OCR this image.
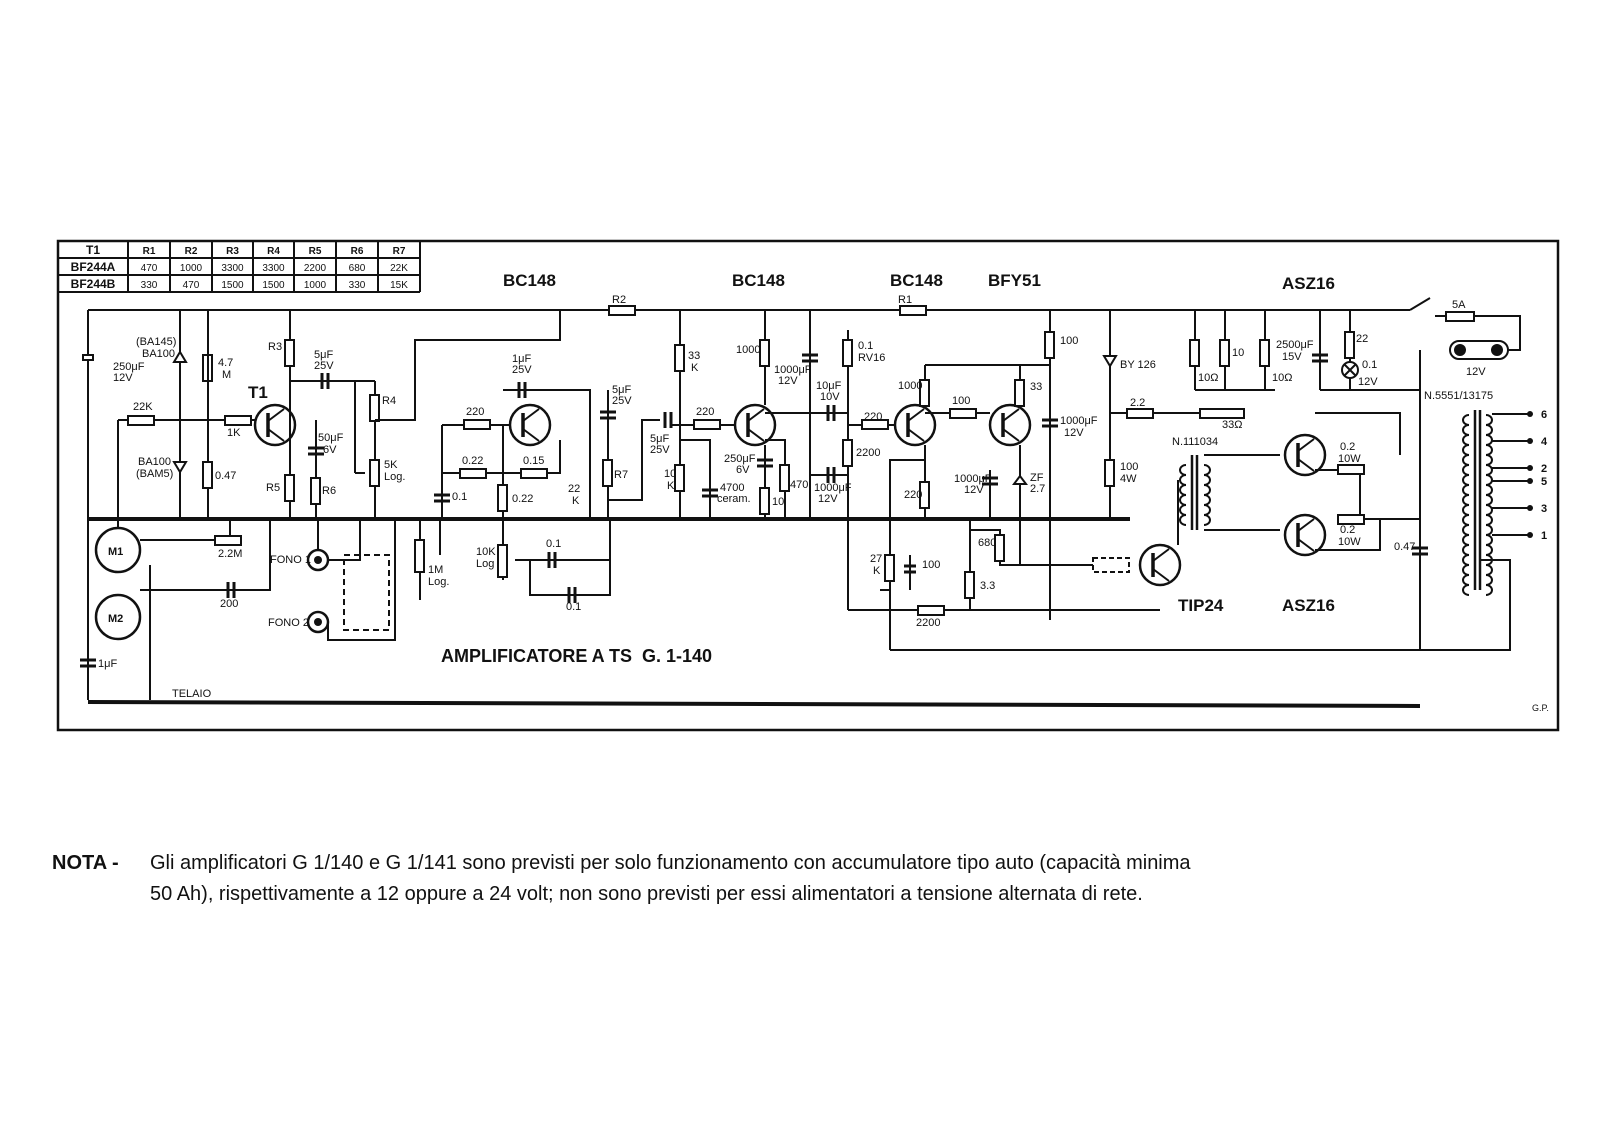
T1	R1	R2	R3	R4	R5	R6	R7
BF244A	470 1000 3300 3300 2200 680 22K
BF244B	330	470 1500 1500 1000 330 15K
250μF
12V
(BA145)
BA100
4.7
M
22K
1K
BA100
(BAM5)	0.47
R3
R5
5μF
25V
50μF
6V
R6
R4
5K
Log.
1μF
25V
220
0.22	0.15
0.22
0.1
5μF
25V
R7
22
K
R2
33
K
10
K
5μF
25V
220
4700
ceram.
1000
1000μF
12V
250μF
6V
470
10
10μF
10V
1000μF
12V
0.1
RV16
220
2200
R1
1000
100
33
220
1000μF
12V
ZF
2.7
100
1000μF
12V
680
3.3
27
K	100
2200
BY 126
2.2
100
4W
N.111034
10Ω
10
33Ω
10Ω
2500μF
15V
22
0.1
12V
5A
12V
0.2
10W
0.2
10W	0.47
N.5551/13175
1M
Log.
10K
Log
0.1
0.1
2.2M
200
1μF
M1
M2
FONO 1
FONO 2
TELAIO
G.P.
T1
BC148	BC148	BC148	BFY51	ASZ16
ASZ16
TIP24
AMPLIFICATORE A TS  G. 1-140
6
4
2
5
3
1
NOTA - Gli amplificatori G 1/140 e G 1/141 sono previsti per solo funzionamento con accumulatore tipo auto (capacità minima
50 Ah), rispettivamente a 12 oppure a 24 volt; non sono previsti per essi alimentatori a tensione alternata di rete.
